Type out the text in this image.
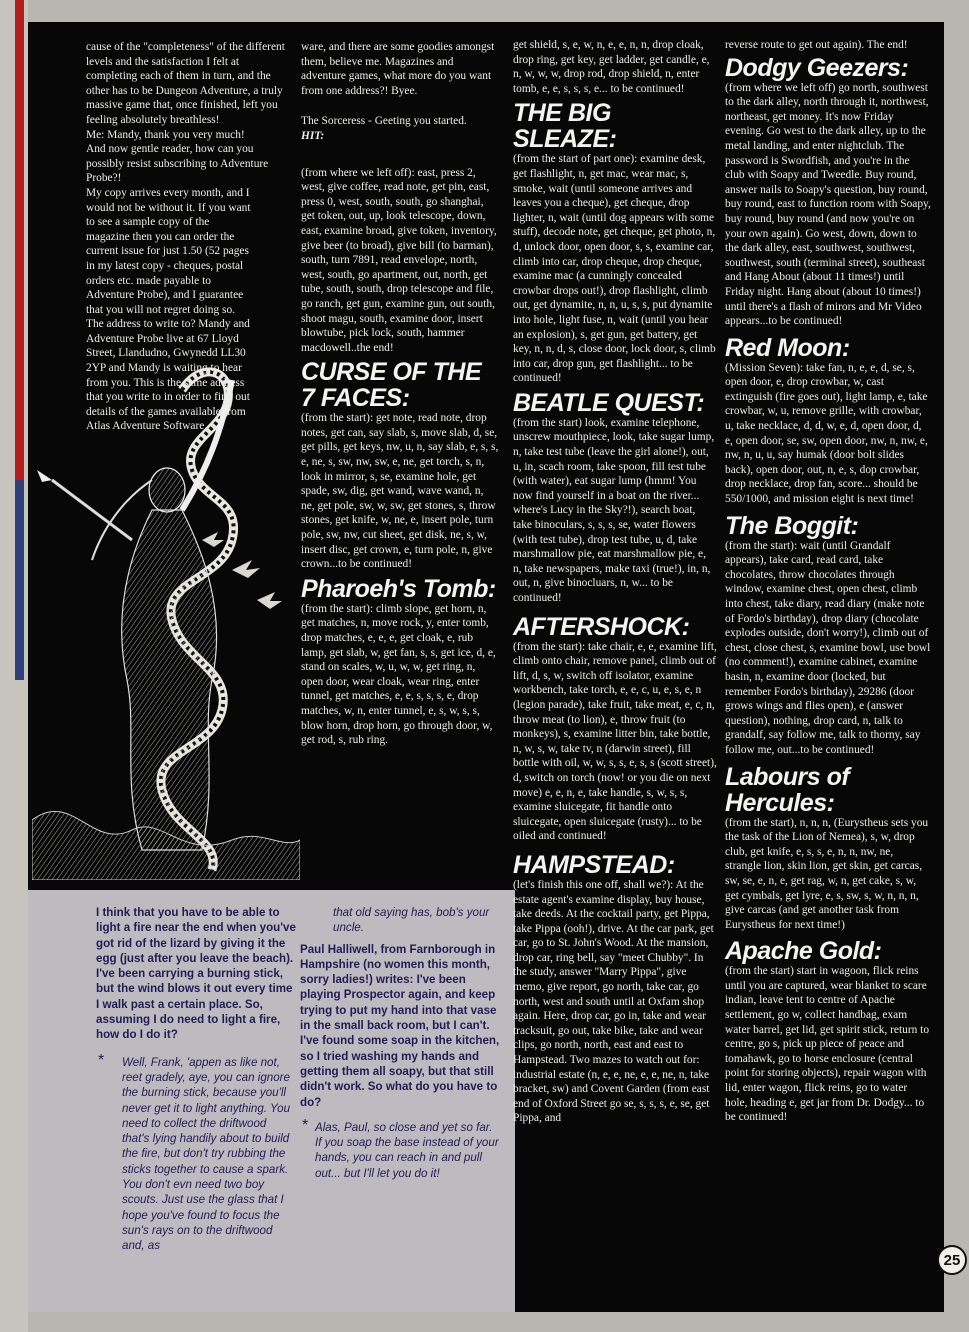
cause of the "completeness" of the different levels and the satisfaction I felt at completing each of them in turn, and the other has to be Dungeon Adventure, a truly massive game that, once finished, left you feeling absolutely breathless!

Me: Mandy, thank you very much!

And now gentle reader, how can you possibly resist subscribing to Adventure Probe?!

My copy arrives every month, and I would not be without it. If you want to see a sample copy of the magazine then you can order the current issue for just 1.50 (52 pages in my latest copy - cheques, postal orders etc. made payable to Adventure Probe), and I guarantee that you will not regret doing so. The address to write to? Mandy and Adventure Probe live at 67 Lloyd Street, Llandudno, Gwynedd LL30 2YP and Mandy is waiting to hear from you. This is the same address that you write to in order to find out details of the games available from Atlas Adventure Software.

ware, and there are some goodies amongst them, believe me. Magazines and adventure games, what more do you want from one address?! Byee.

The Sorceress - Geeting you started.
HIT:

(from where we left off): east, press 2, west, give coffee, read note, get pin, east, press 0, west, south, south, go shanghai, get token, out, up, look telescope, down, east, examine broad, give token, inventory, give beer (to broad), give bill (to barman), south, turn 7891, read envelope, north, west, south, go apartment, out, north, get tube, south, south, drop telescope and file, go ranch, get gun, examine gun, out south, shoot magu, south, examine door, insert blowtube, pick lock, south, hammer macdowell..the end!

CURSE OF THE 7 FACES:

(from the start): get note, read note, drop notes, get can, say slab, s, move slab, d, se, get pills, get keys, nw, u, n, say slab, e, s, s, e, ne, s, sw, nw, sw, e, ne, get torch, s, n, look in mirror, s, se, examine hole, get spade, sw, dig, get wand, wave wand, n, ne, get pole, sw, w, sw, get stones, s, throw stones, get knife, w, ne, e, insert pole, turn pole, sw, nw, cut sheet, get disk, ne, s, w, insert disc, get crown, e, turn pole, n, give crown...to be continued!

Pharoeh's Tomb:

(from the start): climb slope, get horn, n, get matches, n, move rock, y, enter tomb, drop matches, e, e, e, get cloak, e, rub lamp, get slab, w, get fan, s, s, get ice, d, e, stand on scales, w, u, w, w, get ring, n, open door, wear cloak, wear ring, enter tunnel, get matches, e, e, s, s, s, e, drop matches, w, n, enter tunnel, e, s, w, s, s, blow horn, drop horn, go through door, w, get rod, s, rub ring.

get shield, s, e, w, n, e, e, n, n, drop cloak, drop ring, get key, get ladder, get candle, e, n, w, w, w, drop rod, drop shield, n, enter tomb, e, e, s, s, s, e... to be continued!

THE BIG SLEAZE:

(from the start of part one): examine desk, get flashlight, n, get mac, wear mac, s, smoke, wait (until someone arrives and leaves you a cheque), get cheque, drop lighter, n, wait (until dog appears with some stuff), decode note, get cheque, get photo, n, d, unlock door, open door, s, s, examine car, climb into car, drop cheque, drop cheque, examine mac (a cunningly concealed crowbar drops out!), drop flashlight, climb out, get dynamite, n, n, u, s, s, put dynamite into hole, light fuse, n, wait (until you hear an explosion), s, get gun, get battery, get key, n, n, d, s, close door, lock door, s, climb into car, drop gun, get flashlight... to be continued!

BEATLE QUEST:

(from the start) look, examine telephone, unscrew mouthpiece, look, take sugar lump, n, take test tube (leave the girl alone!), out, u, in, scach room, take spoon, fill test tube (with water), eat sugar lump (hmm! You now find yourself in a boat on the river... where's Lucy in the Sky?!), search boat, take binoculars, s, s, s, se, water flowers (with test tube), drop test tube, u, d, take marshmallow pie, eat marshmallow pie, e, n, take newspapers, make taxi (true!), in, n, out, n, give binocluars, n, w... to be continued!

AFTERSHOCK:

(from the start): take chair, e, e, examine lift, climb onto chair, remove panel, climb out of lift, d, s, w, switch off isolator, examine workbench, take torch, e, e, c, u, e, s, e, n (legion parade), take fruit, take meat, e, c, n, throw meat (to lion), e, throw fruit (to monkeys), s, examine litter bin, take bottle, n, w, s, w, take tv, n (darwin street), fill bottle with oil, w, w, s, s, e, s, s (scott street), d, switch on torch (now! or you die on next move) e, e, n, e, take handle, s, w, s, s, examine sluicegate, fit handle onto sluicegate, open sluicegate (rusty)... to be oiled and continued!

HAMPSTEAD:

(let's finish this one off, shall we?): At the estate agent's examine display, buy house, take deeds. At the cocktail party, get Pippa, take Pippa (ooh!), drive. At the car park, get car, go to St. John's Wood. At the mansion, drop car, ring bell, say "meet Chubby". In the study, answer "Marry Pippa", give memo, give report, go north, take car, go north, west and south until at Oxfam shop again. Here, drop car, go in, take and wear tracksuit, go out, take bike, take and wear clips, go north, north, east and east to Hampstead. Two mazes to watch out for: industrial estate (n, e, e, ne, e, e, ne, n, take bracket, sw) and Covent Garden (from east end of Oxford Street go se, s, s, s, e, se, get Pippa, and

reverse route to get out again). The end!

Dodgy Geezers:

(from where we left off) go north, southwest to the dark alley, north through it, northwest, northeast, get money. It's now Friday evening. Go west to the dark alley, up to the metal landing, and enter nightclub. The password is Swordfish, and you're in the club with Soapy and Tweedle. Buy round, answer nails to Soapy's question, buy round, buy round, east to function room with Soapy, buy round, buy round (and now you're on your own again). Go west, down, down to the dark alley, east, southwest, southwest, southwest, south (terminal street), southeast and Hang About (about 11 times!) until Friday night. Hang about (about 10 times!) until there's a flash of mirors and Mr Video appears...to be continued!

Red Moon:

(Mission Seven): take fan, n, e, e, d, se, s, open door, e, drop crowbar, w, cast extinguish (fire goes out), light lamp, e, take crowbar, w, u, remove grille, with crowbar, u, take necklace, d, d, w, e, d, open door, d, e, open door, se, sw, open door, nw, n, nw, e, nw, n, u, u, say humak (door bolt slides back), open door, out, n, e, s, dop crowbar, drop necklace, drop fan, score... should be 550/1000, and mission eight is next time!

The Boggit:

(from the start): wait (until Grandalf appears), take card, read card, take chocolates, throw chocolates through window, examine chest, open chest, climb into chest, take diary, read diary (make note of Fordo's birthday), drop diary (chocolate explodes outside, don't worry!), climb out of chest, close chest, s, examine bowl, use bowl (no comment!), examine cabinet, examine basin, n, examine door (locked, but remember Fordo's birthday), 29286 (door grows wings and flies open), e (answer question), nothing, drop card, n, talk to grandalf, say follow me, talk to thorny, say follow me, out...to be continued!

Labours of Hercules:

(from the start), n, n, n, (Eurystheus sets you the task of the Lion of Nemea), s, w, drop club, get knife, e, s, s, e, n, n, nw, ne, strangle lion, skin lion, get skin, get carcas, sw, se, e, n, e, get rag, w, n, get cake, s, w, get cymbals, get lyre, e, s, sw, s, w, n, n, n, give carcas (and get another task from Eurystheus for next time!)

Apache Gold:

(from the start) start in wagoon, flick reins until you are captured, wear blanket to scare indian, leave tent to centre of Apache settlement, go w, collect handbag, exam water barrel, get lid, get spirit stick, return to centre, go s, pick up piece of peace and tomahawk, go to horse enclosure (central point for storing objects), repair wagon with lid, enter wagon, flick reins, go to water hole, heading e, get jar from Dr. Dodgy... to be continued!

I think that you have to be able to light a fire near the end when you've got rid of the lizard by giving it the egg (just after you leave the beach). I've been carrying a burning stick, but the wind blows it out every time I walk past a certain place. So, assuming I do need to light a fire, how do I do it?

* Well, Frank, 'appen as like not, reet gradely, aye, you can ignore the burning stick, because you'll never get it to light anything. You need to collect the driftwood that's lying handily about to build the fire, but don't try rubbing the sticks together to cause a spark. You don't evn need two boy scouts. Just use the glass that I hope you've found to focus the sun's rays on to the driftwood and, as

that old saying has, bob's your uncle.

Paul Halliwell, from Farnborough in Hampshire (no women this month, sorry ladies!) writes: I've been playing Prospector again, and keep trying to put my hand into that vase in the small back room, but I can't. I've found some soap in the kitchen, so I tried washing my hands and getting them all soapy, but that still didn't work. So what do you have to do?

* Alas, Paul, so close and yet so far. If you soap the base instead of your hands, you can reach in and pull out... but I'll let you do it!

25
